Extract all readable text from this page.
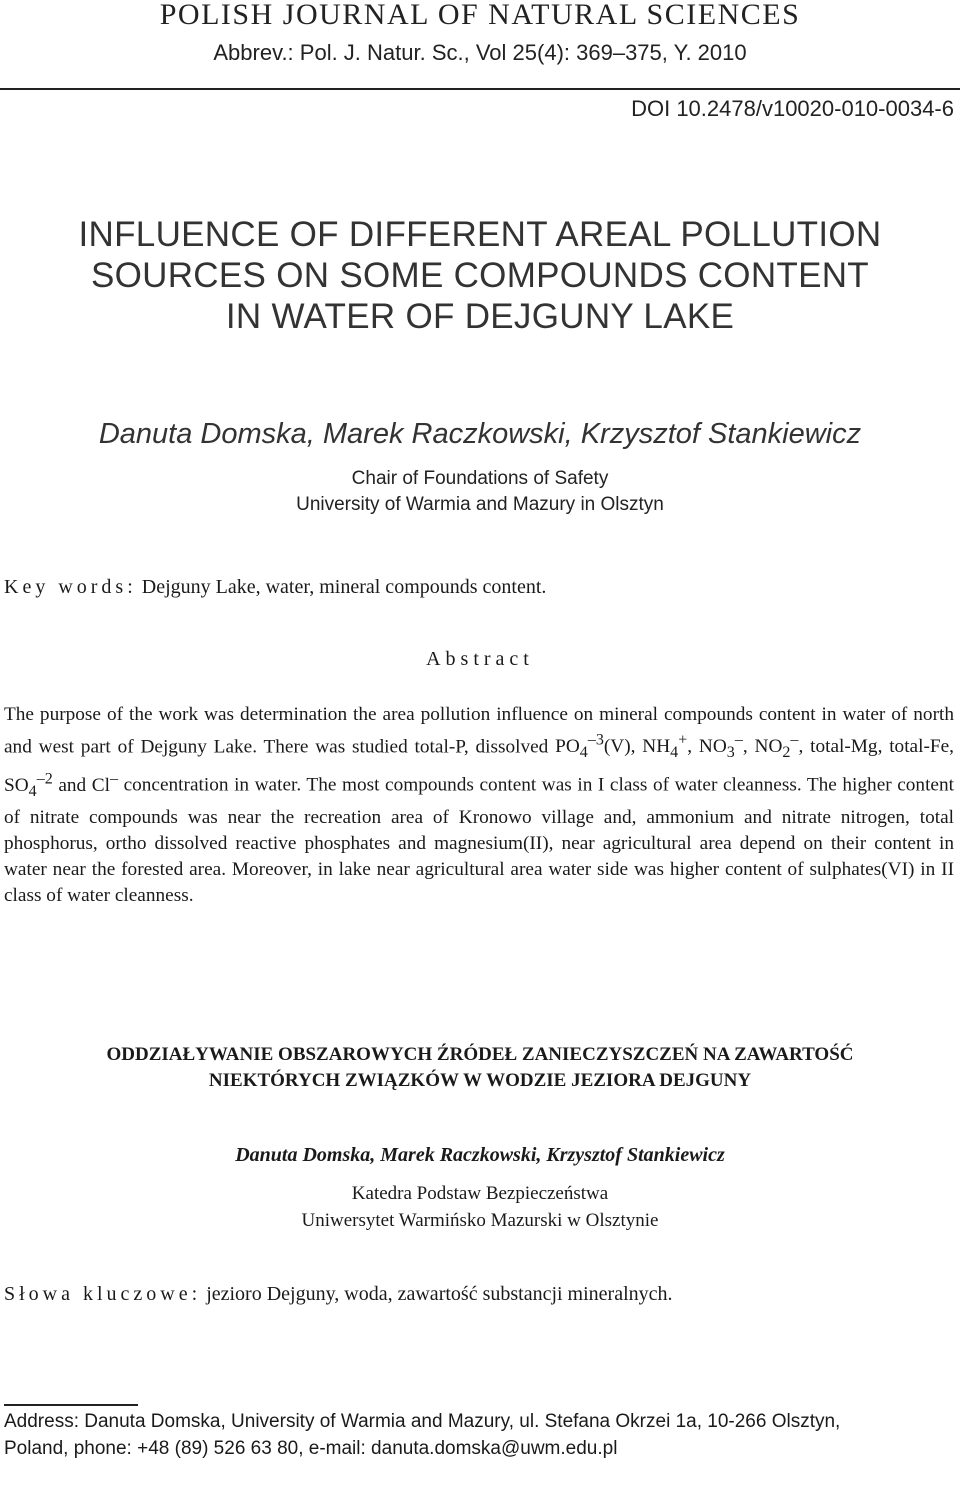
POLISH JOURNAL OF NATURAL SCIENCES
Abbrev.: Pol. J. Natur. Sc., Vol 25(4): 369–375, Y. 2010
DOI 10.2478/v10020-010-0034-6
INFLUENCE OF DIFFERENT AREAL POLLUTION
SOURCES ON SOME COMPOUNDS CONTENT
IN WATER OF DEJGUNY LAKE
Danuta Domska, Marek Raczkowski, Krzysztof Stankiewicz
Chair of Foundations of Safety
University of Warmia and Mazury in Olsztyn
Key words: Dejguny Lake, water, mineral compounds content.
Abstract

The purpose of the work was determination the area pollution influence on mineral compounds content in water of north and west part of Dejguny Lake. There was studied total-P, dissolved $PO_4^{-3}(V)$, $NH_4^+$, $NO_3^-$, $NO_2^-$, total-Mg, total-Fe, $SO_4^{-2}$ and Cl– concentration in water. The most compounds content was in I class of water cleanness. The higher content of nitrate compounds was near the recreation area of Kronowo village and, ammonium and nitrate nitrogen, total phosphorus, ortho dissolved reactive phosphates and magnesium(II), near agricultural area depend on their content in water near the forested area. Moreover, in lake near agricultural area water side was higher content of sulphates(VI) in II class of water cleanness.

ODDZIAŁYWANIE OBSZAROWYCH ŹRÓDEŁ ZANIECZYSZCZEŃ NA ZAWARTOŚĆ
NIEKTÓRYCH ZWIĄZKÓW W WODZIE JEZIORA DEJGUNY
Danuta Domska, Marek Raczkowski, Krzysztof Stankiewicz
Katedra Podstaw Bezpieczeństwa
Uniwersytet Warmińsko Mazurski w Olsztynie
Słowa kluczowe: jezioro Dejguny, woda, zawartość substancji mineralnych.
Address: Danuta Domska, University of Warmia and Mazury, ul. Stefana Okrzei 1a, 10-266 Olsztyn,
Poland, phone: +48 (89) 526 63 80, e-mail: danuta.domska@uwm.edu.pl
